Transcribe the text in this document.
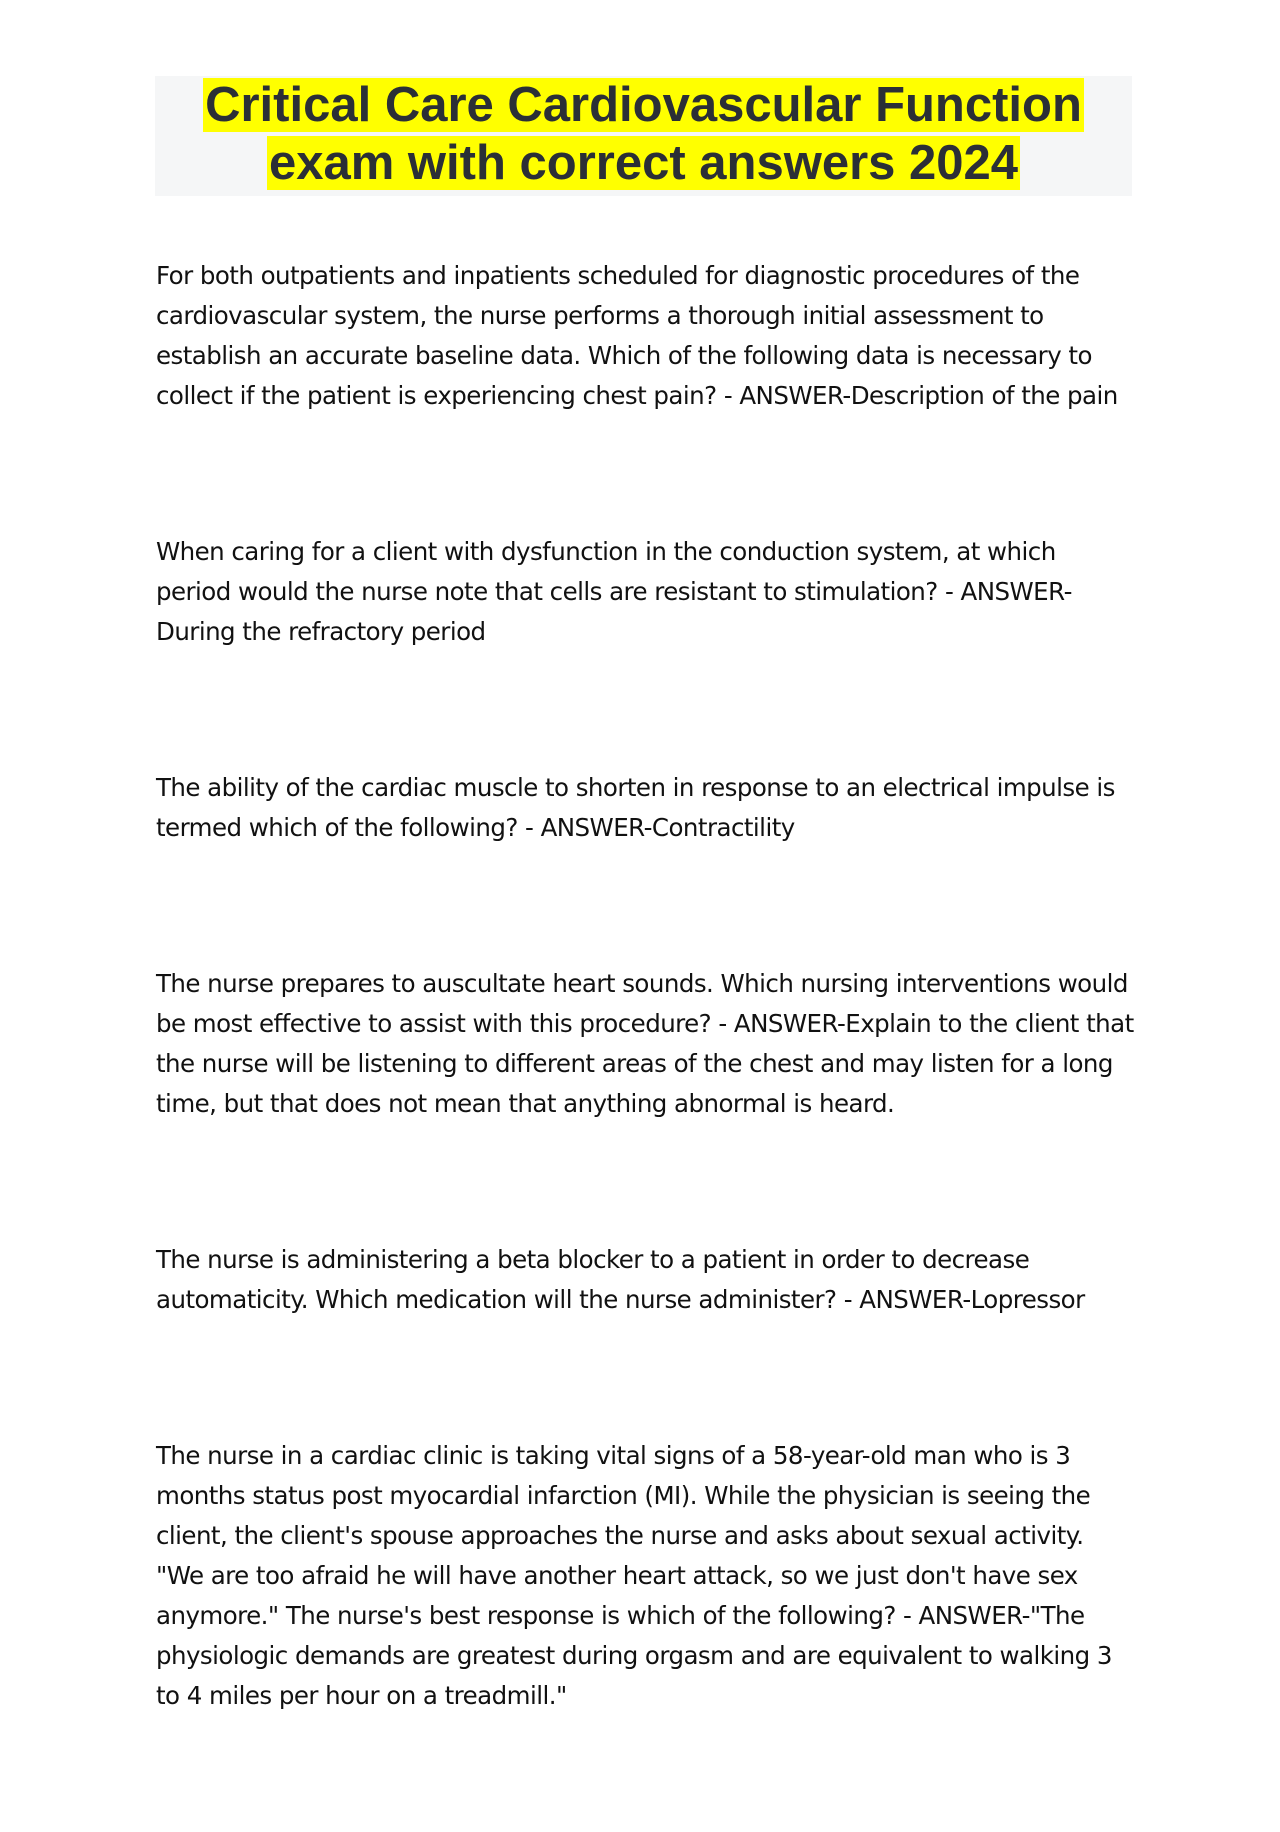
Critical Care Cardiovascular Function
exam with correct answers 2024

For both outpatients and inpatients scheduled for diagnostic procedures of the cardiovascular system, the nurse performs a thorough initial assessment to establish an accurate baseline data. Which of the following data is necessary to collect if the patient is experiencing chest pain? - ANSWER-Description of the pain

When caring for a client with dysfunction in the conduction system, at which period would the nurse note that cells are resistant to stimulation? - ANSWER-During the refractory period

The ability of the cardiac muscle to shorten in response to an electrical impulse is termed which of the following? - ANSWER-Contractility

The nurse prepares to auscultate heart sounds. Which nursing interventions would be most effective to assist with this procedure? - ANSWER-Explain to the client that the nurse will be listening to different areas of the chest and may listen for a long time, but that does not mean that anything abnormal is heard.

The nurse is administering a beta blocker to a patient in order to decrease automaticity. Which medication will the nurse administer? - ANSWER-Lopressor

The nurse in a cardiac clinic is taking vital signs of a 58-year-old man who is 3 months status post myocardial infarction (MI). While the physician is seeing the client, the client's spouse approaches the nurse and asks about sexual activity. "We are too afraid he will have another heart attack, so we just don't have sex anymore." The nurse's best response is which of the following? - ANSWER-"The physiologic demands are greatest during orgasm and are equivalent to walking 3 to 4 miles per hour on a treadmill."
